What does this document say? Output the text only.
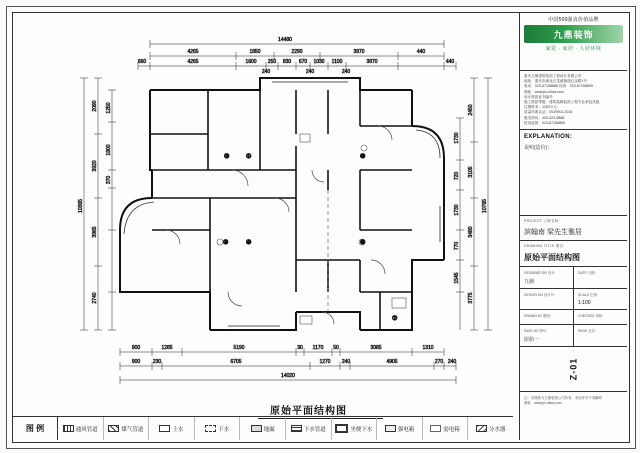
②	①
③	④
⑤
⑥
⑦
14480
4265	1850	2290	3870	440
660	4265	1600 250 830 670 1030 1100	3870	440
240	240	240
10365
2090
3920
3965
2740
1250
1800
370
10765
2450
3105
3480
3775
1730
720
1730
770
1545
900	1285	5190	30 1170 50	3085	1310
900	230	6705	1270 240	4905	270 240
14020
原始平面结构图
中国500强真价值品牌
九鼎装饰
家装 · 家居 · 人居环境
重庆九鼎建筑装饰工程设计有限公司
地址：重庆市渝北区龙溪街道红金路1号
电话：023-67158888 传真：023-67158899
网址：www.jd-china.com
设计资质证书编号：
施工资质等级：建筑装修装饰工程专业承包贰级
注册资本：1200万元
质量体系认证：ISO9001:2015
服务热线：400-023-9888
投诉监督：023-67158800
EXPLANATION:
说明(造价)：
PROJECT 工程名称:
滨翰南 梁先生雅居
DRAWING TITLE 图名:
原始平面结构图
DESIGNED BY 设计:
九鼎
DATE 日期:
DESIGN NO 设计号:	SCALE 比例:
1:100
DRAWN BY 制图:	CHECKED 审核:
DWG NO 图号:
原始一
PAGE 页次:
Z-01
注：本图纸为九鼎装饰公司所有，未经许可不得翻印
网址：www.jd-china.com
图 例	通风管道	煤气管道	上水	下水	地漏	下水管道	坐便下水	强电箱	弱电箱	分水器
